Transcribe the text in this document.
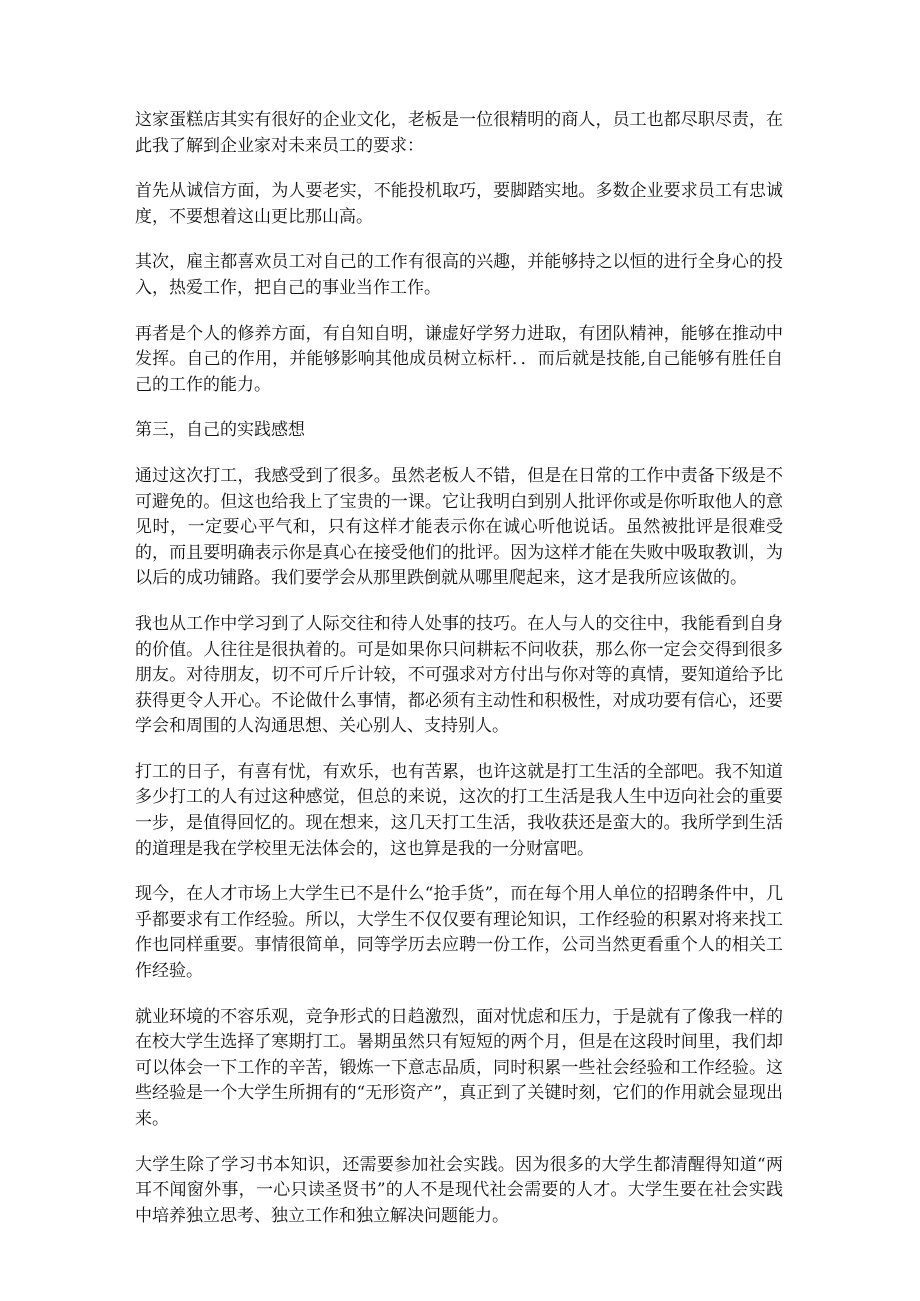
这家蛋糕店其实有很好的企业文化，老板是一位很精明的商人，员工也都尽职尽责，在此我了解到企业家对未来员工的要求：

首先从诚信方面，为人要老实，不能投机取巧，要脚踏实地。多数企业要求员工有忠诚度，不要想着这山更比那山高。

其次，雇主都喜欢员工对自己的工作有很高的兴趣，并能够持之以恒的进行全身心的投入，热爱工作，把自己的事业当作工作。

再者是个人的修养方面，有自知自明，谦虚好学努力进取，有团队精神，能够在推动中发挥。自己的作用，并能够影响其他成员树立标杆．．而后就是技能,自己能够有胜任自己的工作的能力。

第三，自己的实践感想

通过这次打工，我感受到了很多。虽然老板人不错，但是在日常的工作中责备下级是不可避免的。但这也给我上了宝贵的一课。它让我明白到别人批评你或是你听取他人的意见时，一定要心平气和，只有这样才能表示你在诚心听他说话。虽然被批评是很难受的，而且要明确表示你是真心在接受他们的批评。因为这样才能在失败中吸取教训，为以后的成功铺路。我们要学会从那里跌倒就从哪里爬起来，这才是我所应该做的。

我也从工作中学习到了人际交往和待人处事的技巧。在人与人的交往中，我能看到自身的价值。人往往是很执着的。可是如果你只问耕耘不问收获，那么你一定会交得到很多朋友。对待朋友，切不可斤斤计较，不可强求对方付出与你对等的真情，要知道给予比获得更令人开心。不论做什么事情，都必须有主动性和积极性，对成功要有信心，还要学会和周围的人沟通思想、关心别人、支持别人。

打工的日子，有喜有忧，有欢乐，也有苦累，也许这就是打工生活的全部吧。我不知道多少打工的人有过这种感觉，但总的来说，这次的打工生活是我人生中迈向社会的重要一步，是值得回忆的。现在想来，这几天打工生活，我收获还是蛮大的。我所学到生活的道理是我在学校里无法体会的，这也算是我的一分财富吧。

现今，在人才市场上大学生已不是什么“抢手货”，而在每个用人单位的招聘条件中，几乎都要求有工作经验。所以，大学生不仅仅要有理论知识，工作经验的积累对将来找工作也同样重要。事情很简单，同等学历去应聘一份工作，公司当然更看重个人的相关工作经验。

就业环境的不容乐观，竞争形式的日趋激烈，面对忧虑和压力，于是就有了像我一样的在校大学生选择了寒期打工。暑期虽然只有短短的两个月，但是在这段时间里，我们却可以体会一下工作的辛苦，锻炼一下意志品质，同时积累一些社会经验和工作经验。这些经验是一个大学生所拥有的“无形资产”，真正到了关键时刻，它们的作用就会显现出来。

大学生除了学习书本知识，还需要参加社会实践。因为很多的大学生都清醒得知道“两耳不闻窗外事，一心只读圣贤书”的人不是现代社会需要的人才。大学生要在社会实践中培养独立思考、独立工作和独立解决问题能力。
